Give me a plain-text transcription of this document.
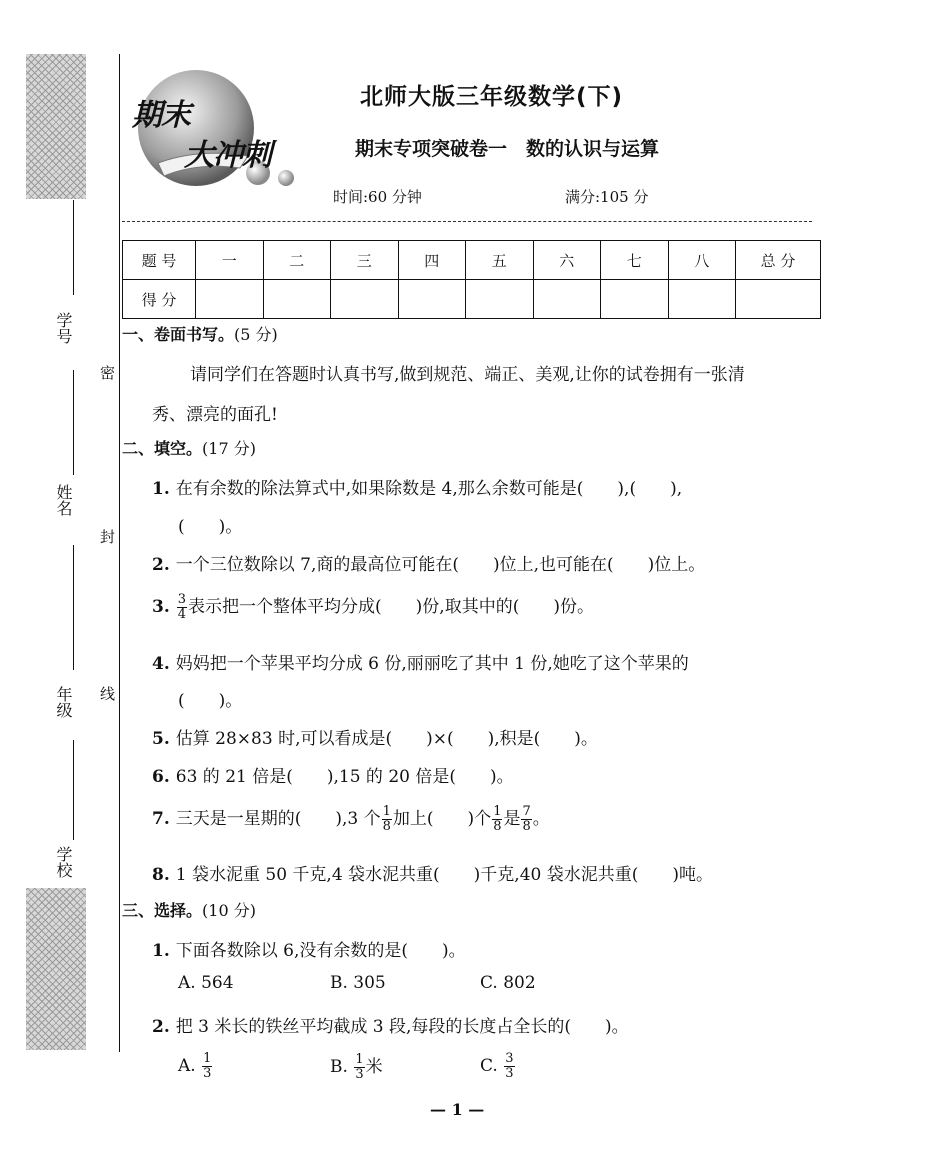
学号
姓名
年级
学校
密
封
线
期末
大冲刺
北师大版三年级数学(下)
期末专项突破卷一　数的认识与运算
时间:60 分钟	满分:105 分
题 号	一	二	三	四	五	六	七	八	总 分
得 分									
一、卷面书写。(5 分)
请同学们在答题时认真书写,做到规范、端正、美观,让你的试卷拥有一张清
秀、漂亮的面孔!
二、填空。(17 分)
1. 在有余数的除法算式中,如果除数是 4,那么余数可能是(　　),(　　),
(　　)。
2. 一个三位数除以 7,商的最高位可能在(　　)位上,也可能在(　　)位上。
3. $\frac{3}{4}$ 表示把一个整体平均分成(　　)份,取其中的(　　)份。
4. 妈妈把一个苹果平均分成 6 份,丽丽吃了其中 1 份,她吃了这个苹果的
(　　)。
5. 估算 28×83 时,可以看成是(　　)×(　　),积是(　　)。
6. 63 的 21 倍是(　　),15 的 20 倍是(　　)。
7. 三天是一星期的(　　),3 个 $\frac{1}{8}$ 加上(　　)个 $\frac{1}{8}$ 是 $\frac{7}{8}$ 。
8. 1 袋水泥重 50 千克,4 袋水泥共重(　　)千克,40 袋水泥共重(　　)吨。
三、选择。(10 分)
1. 下面各数除以 6,没有余数的是(　　)。
A. 564	B. 305	C. 802
2. 把 3 米长的铁丝平均截成 3 段,每段的长度占全长的(　　)。
A. $\frac{1}{3}$	B. $\frac{1}{3}$ 米	C. $\frac{3}{3}$
— 1 —
